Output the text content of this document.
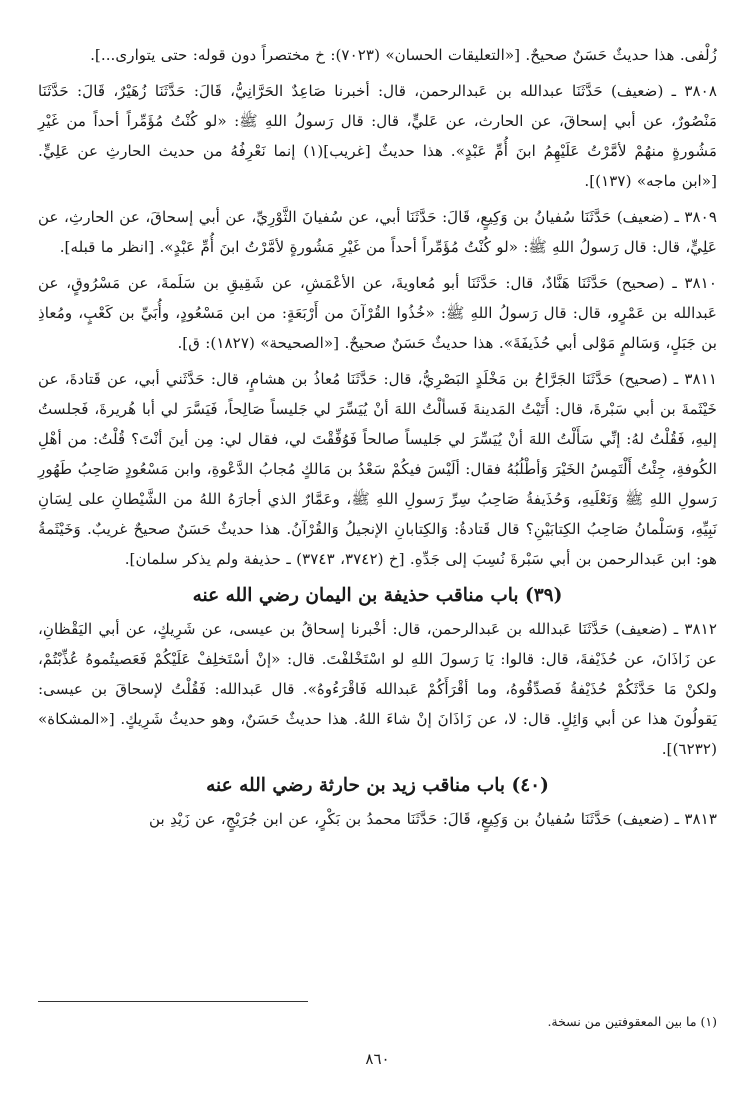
زُلْفى. هذا حديثٌ حَسَنٌ صحيحٌ. [«التعليقات الحسان» (٧٠٢٣): خ مختصراً دون قوله: حتى يتوارى...].

٣٨٠٨ ـ (ضعيف) حَدَّثَنَا عبدالله بن عَبدالرحمن، قال: أخبرنا صَاعِدٌ الحَرَّانِيُّ، قَالَ: حَدَّثَنَا زُهَيْرٌ، قَالَ: حَدَّثَنَا مَنْصُورٌ، عن أبي إسحاقَ، عن الحارث، عن عَليٍّ، قال: قال رَسولُ اللهِ ﷺ: «لو كُنْتُ مُؤَمِّراً أحداً من غَيْرِ مَشُورةٍ منهُمْ لأمَّرْتُ عَلَيْهِمُ ابنَ أُمِّ عَبْدٍ». هذا حديثٌ [غريب](١) إنما نَعْرِفُهُ من حديث الحارثِ عن عَلِيٍّ. [«ابن ماجه» (١٣٧)].

٣٨٠٩ ـ (ضعيف) حَدَّثَنَا سُفيانُ بن وَكِيعٍ، قَالَ: حَدَّثَنَا أبي، عن سُفيانَ الثَّوْرِيِّ، عن أبي إسحاقَ، عن الحارثِ، عن عَلِيٍّ، قال: قال رَسولُ اللهِ ﷺ: «لو كُنْتُ مُؤَمِّراً أحداً من غَيْرِ مَشُورةٍ لأمَّرْتُ ابنَ أُمِّ عَبْدٍ». [انظر ما قبله].

٣٨١٠ ـ (صحيح) حَدَّثَنَا هَنَّادٌ، قال: حَدَّثَنَا أبو مُعاويةَ، عن الأعْمَشِ، عن شَقِيقِ بن سَلَمةَ، عن مَسْرُوقٍ، عن عَبدالله بن عَمْرٍو، قال: قال رَسولُ اللهِ ﷺ: «خُذُوا القُرْآنَ من أَرْبَعَةٍ: من ابن مَسْعُودٍ، وأُبَيِّ بن كَعْبٍ، ومُعاذِ بن جَبَلٍ، وَسَالمٍ مَوْلى أبي حُذَيفَةَ». هذا حديثٌ حَسَنٌ صحيحٌ. [«الصحيحة» (١٨٢٧): ق].

٣٨١١ ـ (صحيح) حَدَّثَنَا الجَرَّاحُ بن مَخْلَدٍ البَصْرِيُّ، قال: حَدَّثَنَا مُعاذُ بن هشامٍ، قال: حَدَّثَني أبي، عن قَتادةَ، عن خَيْثَمةَ بن أبي سَبْرةَ، قال: أَتَيْتُ المَدينةَ فَسألْتُ اللهَ أنْ يُيَسِّرَ لي جَليساً صَالِحاً، فَيَسَّرَ لي أبا هُريرةَ، فَجلستُ إليهِ، فَقُلْتُ لهُ: إنِّي سَأَلْتُ اللهَ أنْ يُيَسِّرَ لي جَليساً صالحاً فَوُفِّقْتَ لي، فقال لي: مِن أينَ أنْتَ؟ قُلْتُ: من أهْلِ الكُوفةِ، جِئْتُ أَلْتَمِسُ الخَيْرَ وَأطْلُبُهُ فقال: ألَيْسَ فيكُمْ سَعْدُ بن مَالكٍ مُجابُ الدَّعْوةِ، وابن مَسْعُودٍ صَاحِبُ طَهُورِ رَسولِ اللهِ ﷺ وَنَعْلَيهِ، وَحُذَيفةُ صَاحِبُ سِرِّ رَسولِ اللهِ ﷺ، وعَمَّارٌ الذي أجارَهُ اللهُ من الشَّيْطانِ على لِسَانِ نَبِيِّهِ، وَسَلْمانُ صَاحِبُ الكِتابَيْنِ؟ قال قَتادةُ: وَالكِتابانِ الإنجيلُ وَالقُرْآنُ. هذا حديثٌ حَسَنٌ صحيحٌ غريبٌ. وَخَيْثَمةُ هو: ابن عَبدالرحمن بن أبي سَبْرةَ نُسِبَ إلى جَدِّهِ. [خ (٣٧٤٢، ٣٧٤٣) ـ حذيفة ولم يذكر سلمان].

(٣٩) باب مناقب حذيفة بن اليمان رضي الله عنه

٣٨١٢ ـ (ضعيف) حَدَّثَنَا عَبدالله بن عَبدالرحمن، قال: أخْبرنا إسحاقُ بن عيسى، عن شَرِيكٍ، عن أبي اليَقْظانِ، عن زَاذَانَ، عن حُذَيْفةَ، قال: قالوا: يَا رَسولَ اللهِ لو اسْتَخْلفْتَ. قال: «إنْ أسْتَخلِفْ عَلَيْكُمْ فَعَصيتُموهُ عُذِّبْتُمْ، ولكنْ مَا حَدَّثَكُمْ حُذَيْفةُ فَصدِّقُوهُ، وما أقْرَأَكُمْ عَبدالله فَاقْرَءُوهُ». قال عَبدالله: فَقُلْتُ لإسحاقَ بن عيسى: يَقولُونَ هذا عن أبي وَائِلٍ. قال: لا، عن زَاذَانَ إنْ شاءَ اللهُ. هذا حديثٌ حَسَنٌ، وهو حديثُ شَرِيكٍ. [«المشكاة» (٦٢٣٢)].

(٤٠) باب مناقب زيد بن حارثة رضي الله عنه

٣٨١٣ ـ (ضعيف) حَدَّثَنَا سُفيانُ بن وَكِيعٍ، قَالَ: حَدَّثَنَا محمدُ بن بَكْرٍ، عن ابن جُرَيْجٍ، عن زَيْدِ بن

(١) ما بين المعقوفتين من نسخة.
٨٦٠
